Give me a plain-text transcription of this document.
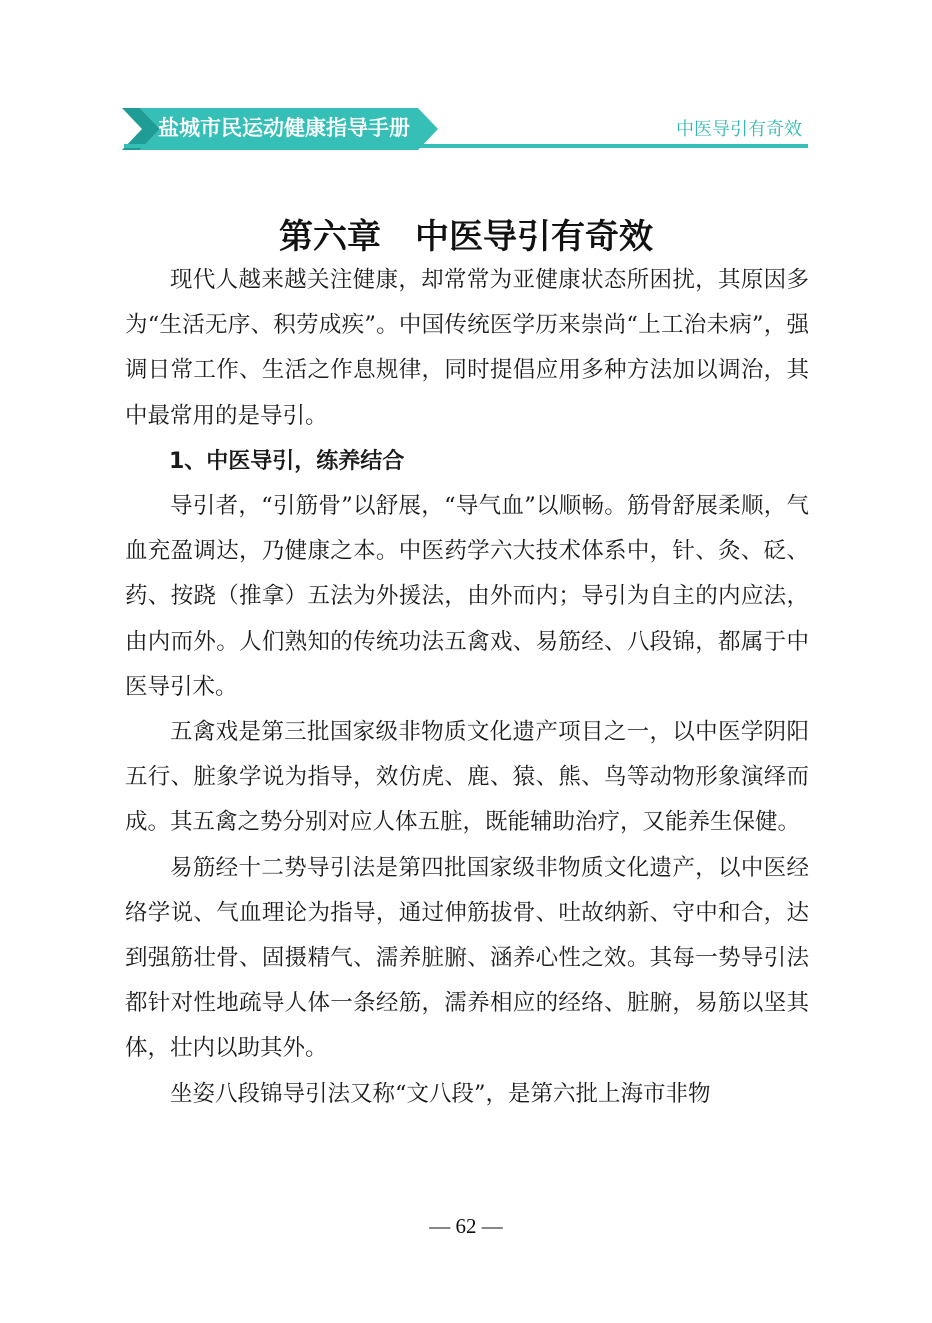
盐城市民运动健康指导手册	中医导引有奇效
第六章　中医导引有奇效

现代人越来越关注健康，却常常为亚健康状态所困扰，其原因多为“生活无序、积劳成疾”。中国传统医学历来崇尚“上工治未病”，强调日常工作、生活之作息规律，同时提倡应用多种方法加以调治，其中最常用的是导引。

1、中医导引，练养结合

导引者，“引筋骨”以舒展，“导气血”以顺畅。筋骨舒展柔顺，气血充盈调达，乃健康之本。中医药学六大技术体系中，针、灸、砭、药、按跷（推拿）五法为外援法，由外而内；导引为自主的内应法，由内而外。人们熟知的传统功法五禽戏、易筋经、八段锦，都属于中医导引术。

五禽戏是第三批国家级非物质文化遗产项目之一，以中医学阴阳五行、脏象学说为指导，效仿虎、鹿、猿、熊、鸟等动物形象演绎而成。其五禽之势分别对应人体五脏，既能辅助治疗，又能养生保健。

易筋经十二势导引法是第四批国家级非物质文化遗产，以中医经络学说、气血理论为指导，通过伸筋拔骨、吐故纳新、守中和合，达到强筋壮骨、固摄精气、濡养脏腑、涵养心性之效。其每一势导引法都针对性地疏导人体一条经筋，濡养相应的经络、脏腑，易筋以坚其体，壮内以助其外。

坐姿八段锦导引法又称“文八段”，是第六批上海市非物

— 62 —
